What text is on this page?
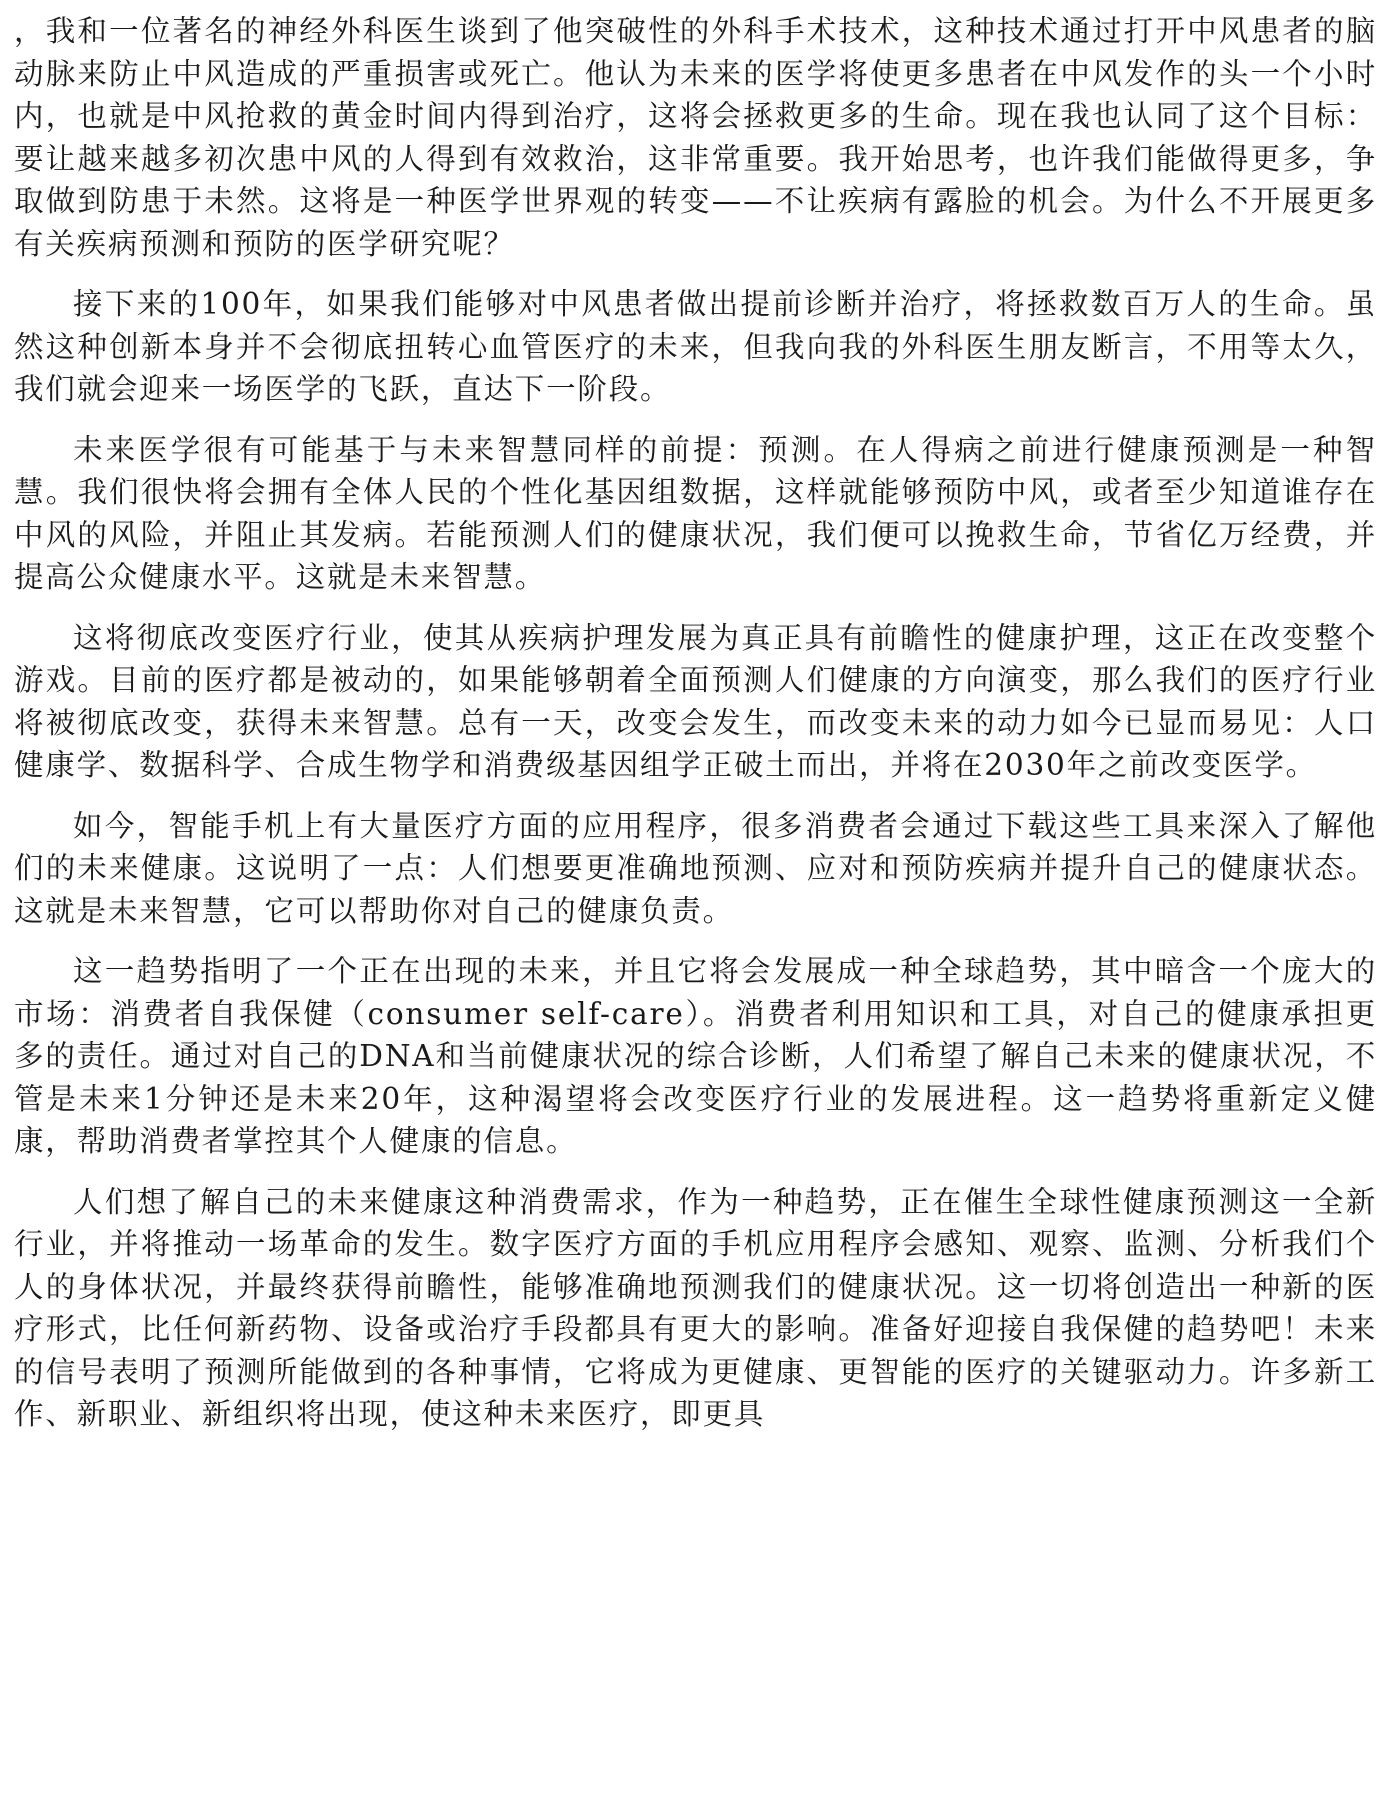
，我和一位著名的神经外科医生谈到了他突破性的外科手术技术，这种技术通过打开中风患者的脑动脉来防止中风造成的严重损害或死亡。他认为未来的医学将使更多患者在中风发作的头一个小时内，也就是中风抢救的黄金时间内得到治疗，这将会拯救更多的生命。现在我也认同了这个目标：要让越来越多初次患中风的人得到有效救治，这非常重要。我开始思考，也许我们能做得更多，争取做到防患于未然。这将是一种医学世界观的转变——不让疾病有露脸的机会。为什么不开展更多有关疾病预测和预防的医学研究呢？

接下来的100年，如果我们能够对中风患者做出提前诊断并治疗，将拯救数百万人的生命。虽然这种创新本身并不会彻底扭转心血管医疗的未来，但我向我的外科医生朋友断言，不用等太久，我们就会迎来一场医学的飞跃，直达下一阶段。

未来医学很有可能基于与未来智慧同样的前提：预测。在人得病之前进行健康预测是一种智慧。我们很快将会拥有全体人民的个性化基因组数据，这样就能够预防中风，或者至少知道谁存在中风的风险，并阻止其发病。若能预测人们的健康状况，我们便可以挽救生命，节省亿万经费，并提高公众健康水平。这就是未来智慧。

这将彻底改变医疗行业，使其从疾病护理发展为真正具有前瞻性的健康护理，这正在改变整个游戏。目前的医疗都是被动的，如果能够朝着全面预测人们健康的方向演变，那么我们的医疗行业将被彻底改变，获得未来智慧。总有一天，改变会发生，而改变未来的动力如今已显而易见：人口健康学、数据科学、合成生物学和消费级基因组学正破土而出，并将在2030年之前改变医学。

如今，智能手机上有大量医疗方面的应用程序，很多消费者会通过下载这些工具来深入了解他们的未来健康。这说明了一点：人们想要更准确地预测、应对和预防疾病并提升自己的健康状态。这就是未来智慧，它可以帮助你对自己的健康负责。

这一趋势指明了一个正在出现的未来，并且它将会发展成一种全球趋势，其中暗含一个庞大的市场：消费者自我保健（consumer self-care）。消费者利用知识和工具，对自己的健康承担更多的责任。通过对自己的DNA和当前健康状况的综合诊断，人们希望了解自己未来的健康状况，不管是未来1分钟还是未来20年，这种渴望将会改变医疗行业的发展进程。这一趋势将重新定义健康，帮助消费者掌控其个人健康的信息。

人们想了解自己的未来健康这种消费需求，作为一种趋势，正在催生全球性健康预测这一全新行业，并将推动一场革命的发生。数字医疗方面的手机应用程序会感知、观察、监测、分析我们个人的身体状况，并最终获得前瞻性，能够准确地预测我们的健康状况。这一切将创造出一种新的医疗形式，比任何新药物、设备或治疗手段都具有更大的影响。准备好迎接自我保健的趋势吧！未来的信号表明了预测所能做到的各种事情，它将成为更健康、更智能的医疗的关键驱动力。许多新工作、新职业、新组织将出现，使这种未来医疗，即更具
